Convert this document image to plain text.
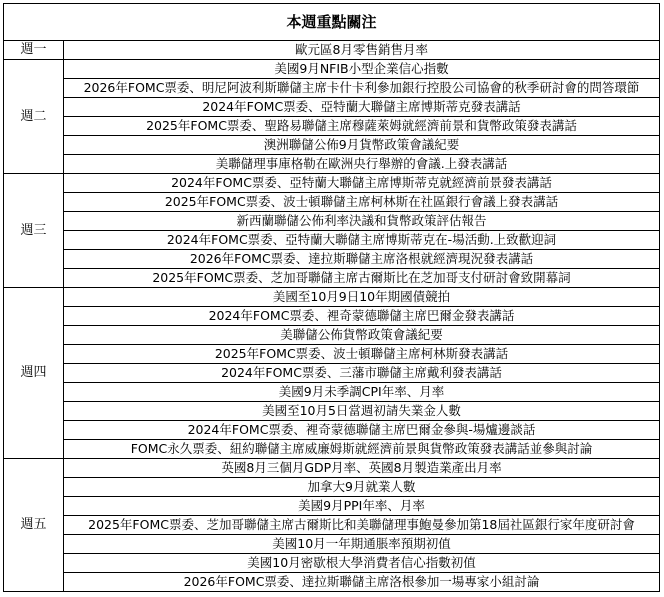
本週重點關注	
週一	歐元區8月零售銷售月率
週二	美國9月NFIB小型企業信心指數
	2026年FOMC票委、明尼阿波利斯聯儲主席卡什卡利參加銀行控股公司協會的秋季研討會的問答環節
	2024年FOMC票委、亞特蘭大聯儲主席博斯蒂克發表講話
	2025年FOMC票委、聖路易聯儲主席穆薩萊姆就經濟前景和貨幣政策發表講話
	澳洲聯儲公佈9月貨幣政策會議紀要
	美聯儲理事庫格勒在歐洲央行舉辦的會議.上發表講話
週三	2024年FOMC票委、亞特蘭大聯儲主席博斯蒂克就經濟前景發表講話
	2025年FOMC票委、波士頓聯儲主席柯林斯在社區銀行會議上發表講話
	新西蘭聯儲公佈利率決議和貨幣政策評估報告
	2024年FOMC票委、亞特蘭大聯儲主席博斯蒂克在-場活動.上致歡迎詞
	2026年FOMC票委、達拉斯聯儲主席洛根就經濟現況發表講話
	2025年FOMC票委、芝加哥聯儲主席古爾斯比在芝加哥支付研討會致開幕詞
週四	美國至10月9日10年期國債競拍
	2024年FOMC票委、裡奇蒙德聯儲主席巴爾金發表講話
	美聯儲公佈貨幣政策會議紀要
	2025年FOMC票委、波士頓聯儲主席柯林斯發表講話
	2024年FOMC票委、三藩市聯儲主席戴利發表講話
	美國9月未季調CPI年率、月率
	美國至10月5日當週初請失業金人數
	2024年FOMC票委、裡奇蒙德聯儲主席巴爾金參與-場爐邊談話
	FOMC永久票委、紐約聯儲主席威廉姆斯就經濟前景與貨幣政策發表講話並參與討論
週五	英國8月三個月GDP月率、英國8月製造業產出月率
	加拿大9月就業人數
	美國9月PPI年率、月率
	2025年FOMC票委、芝加哥聯儲主席古爾斯比和美聯儲理事鮑曼參加第18屆社區銀行家年度研討會
	美國10月一年期通脹率預期初值
	美國10月密歇根大學消費者信心指數初值
	2026年FOMC票委、達拉斯聯儲主席洛根參加一場專家小組討論
